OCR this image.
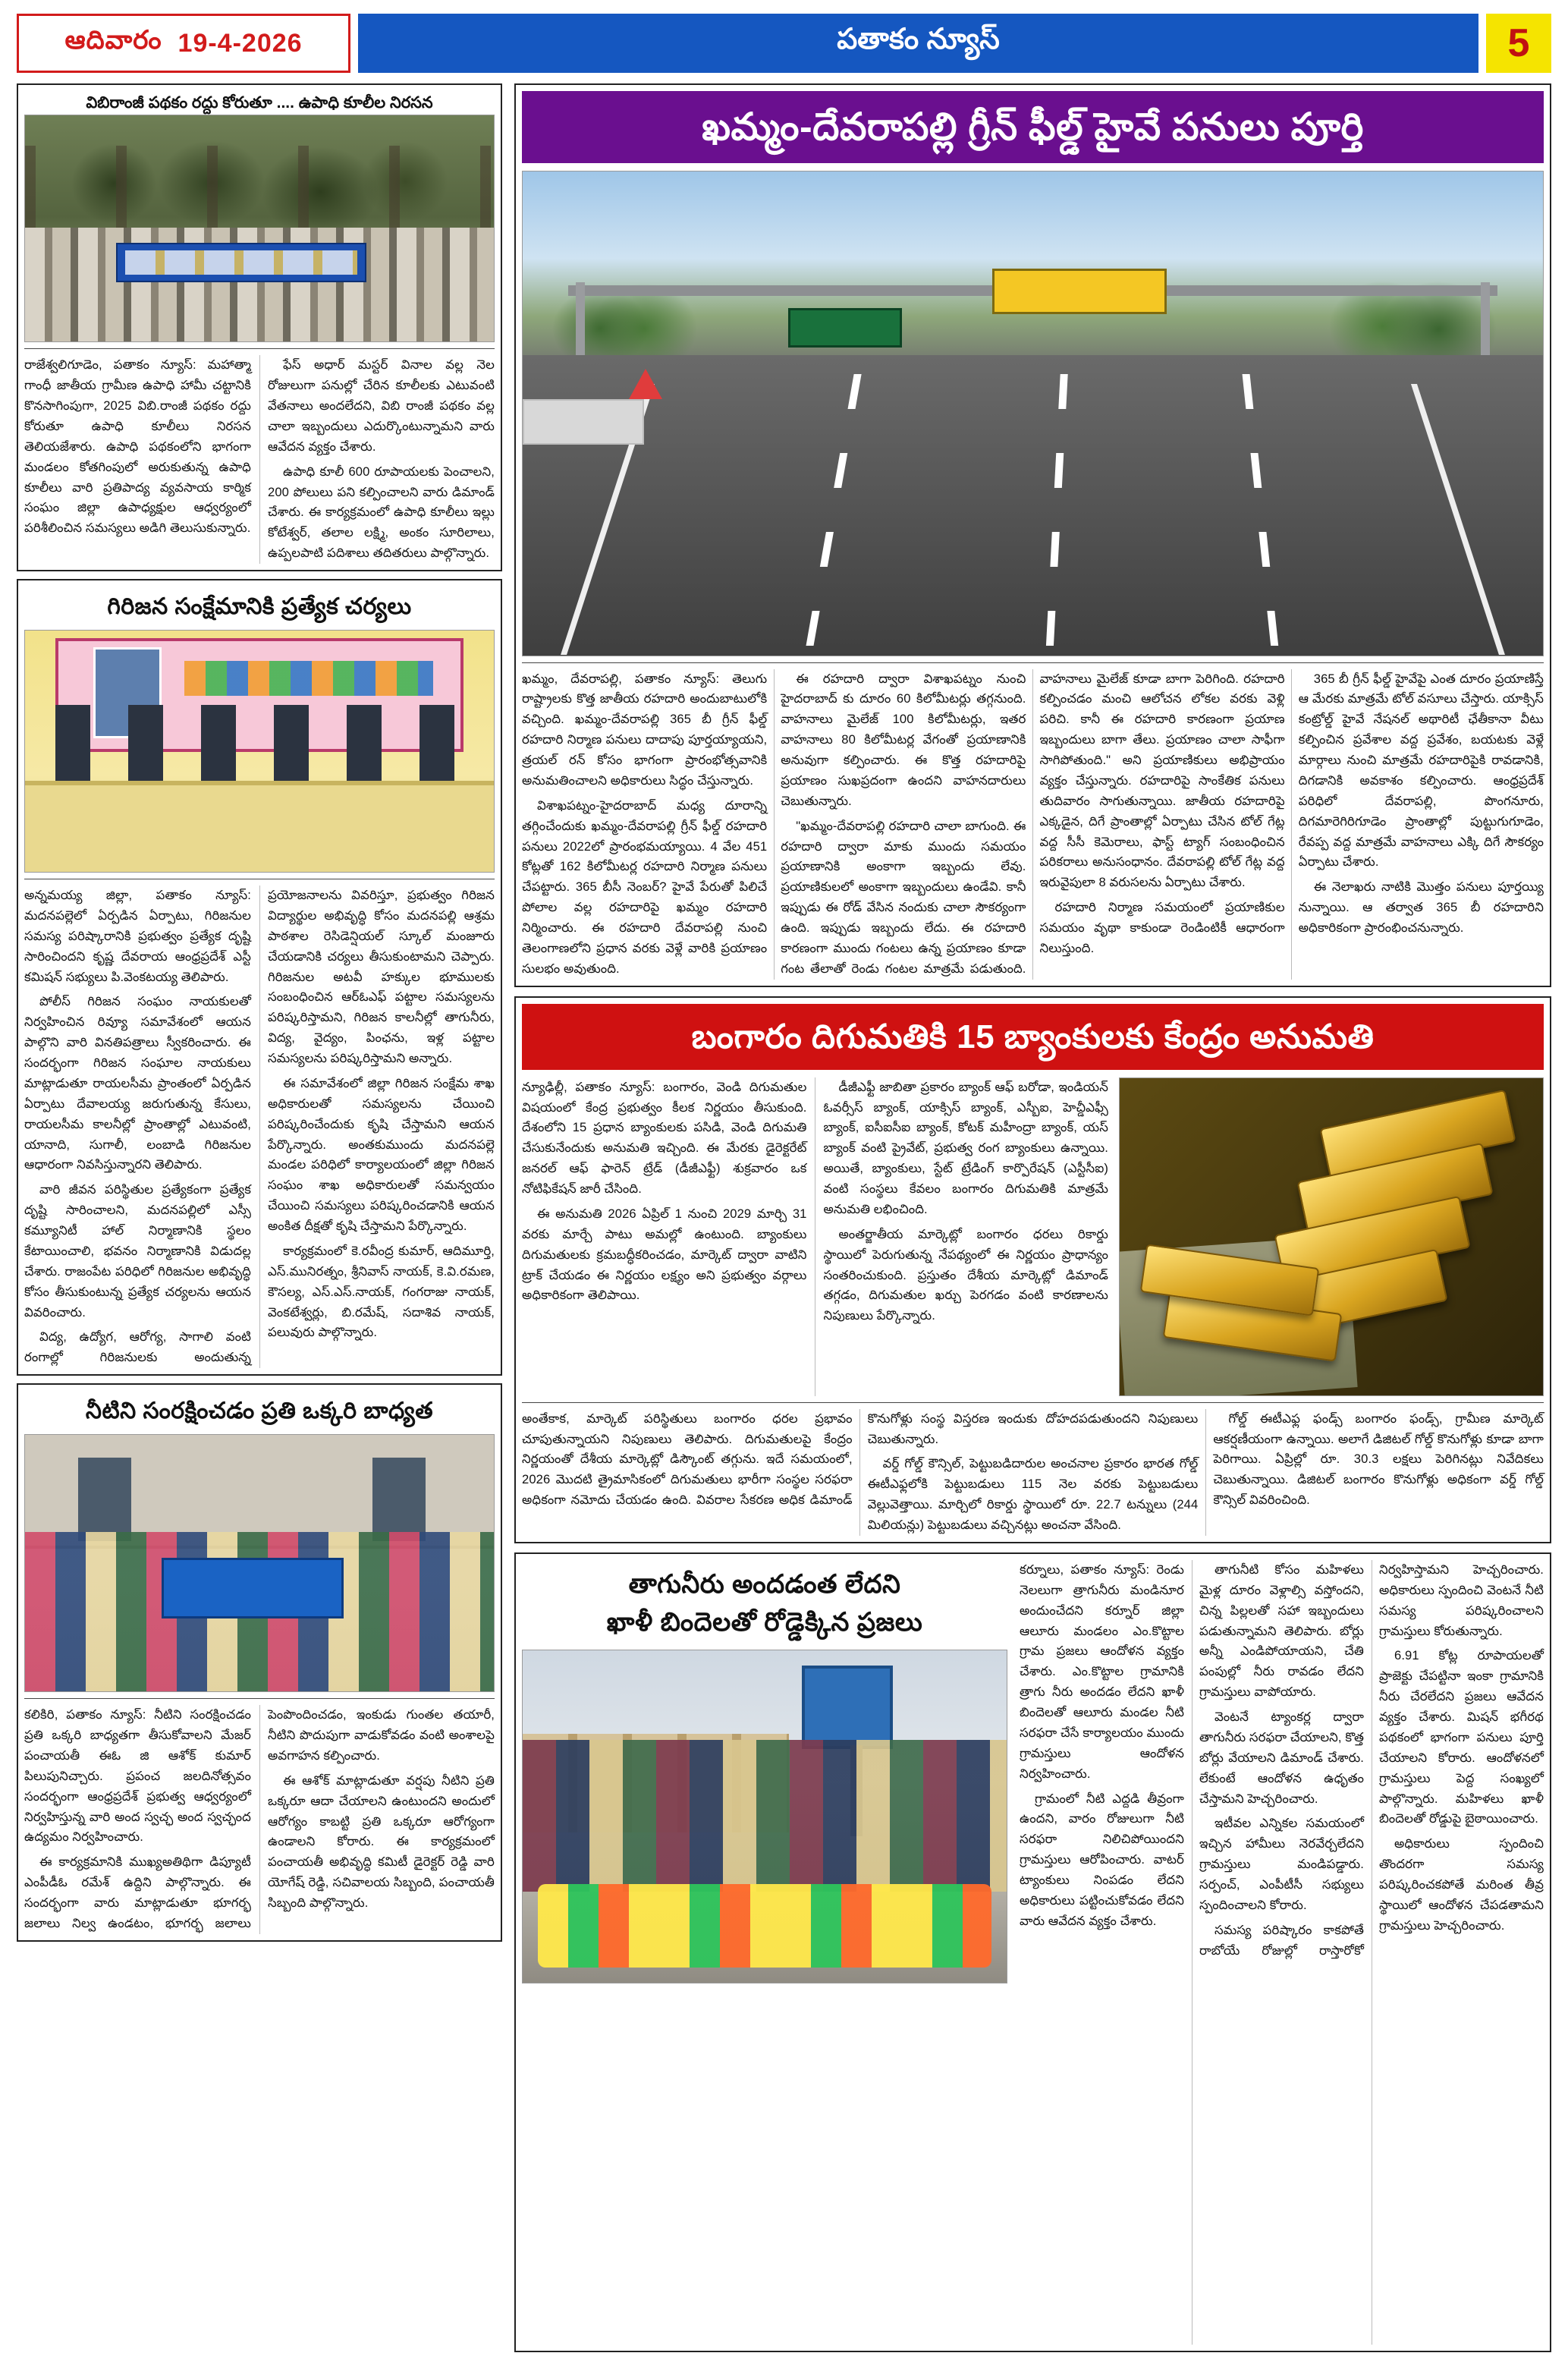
ఆదివారం
19-4-2026	పతాకం న్యూస్	5
విబిరాంజీ పథకం రద్దు కోరుతూ .... ఉపాధి కూలీల నిరసన

రాజేశ్వలిగూడెం, పతాకం న్యూస్: మహాత్మా గాంధీ జాతీయ గ్రామీణ ఉపాధి హామీ చట్టానికి కొనసాగింపుగా, 2025 విబి.రాంజీ పథకం రద్దు కోరుతూ ఉపాధి కూలీలు నిరసన తెలియజేశారు. ఉపాధి పథకంలోని భాగంగా మండలం కోతగింపులో అరుకుతున్న ఉపాధి కూలీలు వారి ప్రతిపాద్య వ్యవసాయ కార్మిక సంఘం జిల్లా ఉపాధ్యక్షుల ఆధ్వర్యంలో పరిశీలించిన సమస్యలు అడిగి తెలుసుకున్నారు.

ఫేస్ అధార్ మస్టర్ వినాల వల్ల నెల రోజులుగా పనుల్లో చేరిన కూలీలకు ఎటువంటి వేతనాలు అందలేదని, విబి రాంజీ పథకం వల్ల చాలా ఇబ్బందులు ఎదుర్కొంటున్నామని వారు ఆవేదన వ్యక్తం చేశారు.

ఉపాధి కూలీ 600 రూపాయలకు పెంచాలని, 200 పోలులు పని కల్పించాలని వారు డిమాండ్ చేశారు. ఈ కార్యక్రమంలో ఉపాధి కూలీలు ఇల్లు కోటేశ్వర్, తలాల లక్ష్మి, అంకం సూరిలాలు, ఉప్పలపాటి పదిశాలు తదితరులు పాల్గొన్నారు.

గిరిజన సంక్షేమానికి ప్రత్యేక చర్యలు

అన్నమయ్య జిల్లా, పతాకం న్యూస్: మదనపల్లెలో ఏర్పడిన ఏర్పాటు, గిరిజనుల సమస్య పరిష్కారానికి ప్రభుత్వం ప్రత్యేక దృష్టి సారించిందని కృష్ణ దేవరాయ ఆంధ్రప్రదేశ్ ఎస్టీ కమిషన్ సభ్యులు పి.వెంకటయ్య తెలిపారు.

పోలీస్ గిరిజన సంఘం నాయకులతో నిర్వహించిన రివ్యూ సమావేశంలో ఆయన పాల్గొని వారి వినతిపత్రాలు స్వీకరించారు. ఈ సందర్భంగా గిరిజన సంఘాల నాయకులు మాట్లాడుతూ రాయలసీమ ప్రాంతంలో ఏర్పడిన ఏర్పాటు దేవాలయ్య జరుగుతున్న కేసులు, రాయలసీమ కాలనీల్లో ప్రాంతాల్లో ఎటువంటి, యానాది, సుగాలీ, లంబాడి గిరిజనుల ఆధారంగా నివసిస్తున్నారని తెలిపారు.

వారి జీవన పరిస్థితుల ప్రత్యేకంగా ప్రత్యేక దృష్టి సారించాలని, మదనపల్లిలో ఎస్సీ కమ్యూనిటీ హాల్ నిర్మాణానికి స్థలం కేటాయించాలి, భవనం నిర్మాణానికి విడుదల్ల చేశారు. రాజంపేట పరిధిలో గిరిజనుల అభివృద్ధి కోసం తీసుకుంటున్న ప్రత్యేక చర్యలను ఆయన వివరించారు.

విద్య, ఉద్యోగ, ఆరోగ్య, సాగాలి వంటి రంగాల్లో గిరిజనులకు అందుతున్న ప్రయోజనాలను వివరిస్తూ, ప్రభుత్వం గిరిజన విద్యార్థుల అభివృద్ధి కోసం మదనపల్లి ఆశ్రమ పాఠశాల రెసిడెన్షియల్ స్కూల్ మంజూరు చేయడానికి చర్యలు తీసుకుంటామని చెప్పారు. గిరిజనుల అటవీ హక్కుల భూములకు సంబంధించిన ఆర్ఓఎఫ్ పట్టాల సమస్యలను పరిష్కరిస్తామని, గిరిజన కాలనీల్లో తాగునీరు, విద్య, వైద్యం, పింఛను, ఇళ్ల పట్టాల సమస్యలను పరిష్కరిస్తామని అన్నారు.

ఈ సమావేశంలో జిల్లా గిరిజన సంక్షేమ శాఖ అధికారులతో సమస్యలను చేయించి పరిష్కరించేందుకు కృషి చేస్తామని ఆయన పేర్కొన్నారు. అంతకుముందు మదనపల్లె మండల పరిధిలో కార్యాలయంలో జిల్లా గిరిజన సంఘం శాఖ అధికారులతో సమన్వయం చేయించి సమస్యలు పరిష్కరించడానికి ఆయన అంకిత దీక్షతో కృషి చేస్తామని పేర్కొన్నారు.

కార్యక్రమంలో కె.రవీంద్ర కుమార్, ఆదిమూర్తి, ఎస్.మునిరత్నం, శ్రీనివాస్ నాయక్, కె.వి.రమణ, కౌసల్య, ఎస్.ఎస్.నాయక్, గంగరాజు నాయక్, వెంకటేశ్వర్లు, బి.రమేష్, సదాశివ నాయక్, పలువురు పాల్గొన్నారు.

నీటిని సంరక్షించడం ప్రతి ఒక్కరి బాధ్యత

కలికిరి, పతాకం న్యూస్: నీటిని సంరక్షించడం ప్రతి ఒక్కరి బాధ్యతగా తీసుకోవాలని మేజర్ పంచాయతీ ఈఓ జి ఆశోక్ కుమార్ పిలుపునిచ్చారు. ప్రపంచ జలదినోత్సవం సందర్భంగా ఆంధ్రప్రదేశ్ ప్రభుత్వ ఆధ్వర్యంలో నిర్వహిస్తున్న వారి అంద స్వచ్ఛ అంద స్వచ్ఛంద ఉద్యమం నిర్వహించారు.

ఈ కార్యక్రమానికి ముఖ్యఅతిథిగా డిప్యూటీ ఎంపీడీఓ రమేశ్ ఉద్దిని పాల్గొన్నారు. ఈ సందర్భంగా వారు మాట్లాడుతూ భూగర్భ జలాలు నిల్వ ఉండటం, భూగర్భ జలాలు పెంపొందించడం, ఇంకుడు గుంతల తయారీ, నీటిని పొదుపుగా వాడుకోవడం వంటి అంశాలపై అవగాహన కల్పించారు.

ఈ ఆశోక్ మాట్లాడుతూ వర్షపు నీటిని ప్రతి ఒక్కరూ ఆదా చేయాలని ఉంటుందని అందులో ఆరోగ్యం కాబట్టి ప్రతి ఒక్కరూ ఆరోగ్యంగా ఉండాలని కోరారు. ఈ కార్యక్రమంలో పంచాయతీ అభివృద్ధి కమిటీ డైరెక్టర్ రెడ్డి వారి యోగేష్ రెడ్డి, సచివాలయ సిబ్బంది, పంచాయతీ సిబ్బంది పాల్గొన్నారు.

ఖమ్మం-దేవరాపల్లి గ్రీన్ ఫీల్డ్ హైవే పనులు పూర్తి

ఖమ్మం, దేవరాపల్లి, పతాకం న్యూస్: తెలుగు రాష్ట్రాలకు కొత్త జాతీయ రహదారి అందుబాటులోకి వచ్చింది. ఖమ్మం-దేవరాపల్లి 365 బీ గ్రీన్ ఫీల్డ్ రహదారి నిర్మాణ పనులు దాదాపు పూర్తయ్యాయని, త్రయల్ రన్ కోసం భాగంగా ప్రారంభోత్సవానికి అనుమతించాలని అధికారులు సిద్ధం చేస్తున్నారు.

విశాఖపట్నం-హైదరాబాద్ మధ్య దూరాన్ని తగ్గించేందుకు ఖమ్మం-దేవరాపల్లి గ్రీన్ ఫీల్డ్ రహదారి పనులు 2022లో ప్రారంభమయ్యాయి. 4 వేల 451 కోట్లతో 162 కిలోమీటర్ల రహదారి నిర్మాణ పనులు చేపట్టారు. 365 బీసీ నెంబర్? హైవే పేరుతో పిలిచే పోలాల వల్ల రహదారిపై ఖమ్మం రహదారి నిర్మించారు. ఈ రహదారి దేవరాపల్లి నుంచి తెలంగాణలోని ప్రధాన వరకు వెళ్లే వారికి ప్రయాణం సులభం అవుతుంది.

ఈ రహదారి ద్వారా విశాఖపట్నం నుంచి హైదరాబాద్ కు దూరం 60 కిలోమీటర్లు తగ్గనుంది. వాహనాలు మైలేజ్ 100 కిలోమీటర్లు, ఇతర వాహనాలు 80 కిలోమీటర్ల వేగంతో ప్రయాణానికి అనువుగా కల్పించారు. ఈ కొత్త రహదారిపై ప్రయాణం సుఖప్రదంగా ఉందని వాహనదారులు చెబుతున్నారు.

"ఖమ్మం-దేవరాపల్లి రహదారి చాలా బాగుంది. ఈ రహదారి ద్వారా మాకు ముందు సమయం ప్రయాణానికి అంకాగా ఇబ్బందు లేవు. ప్రయాణికులలో అంకాగా ఇబ్బందులు ఉండేవి. కానీ ఇప్పుడు ఈ రోడ్ వేసిన నందుకు చాలా సౌకర్యంగా ఉంది. ఇప్పుడు ఇబ్బందు లేదు. ఈ రహదారి కారణంగా ముందు గంటలు ఉన్న ప్రయాణం కూడా గంట తేలాతో రెండు గంటల మాత్రమే పడుతుంది. వాహనాలు మైలేజ్ కూడా బాగా పెరిగింది. రహదారి కల్పించడం మంచి ఆలోచన లోకల వరకు వెళ్లి పరిచి. కానీ ఈ రహదారి కారణంగా ప్రయాణ ఇబ్బందులు బాగా తేలు. ప్రయాణం చాలా సాఫీగా సాగిపోతుంది." అని ప్రయాణికులు అభిప్రాయం వ్యక్తం చేస్తున్నారు. రహదారిపై సాంకేతిక పనులు తుదివారం సాగుతున్నాయి. జాతీయ రహదారిపై ఎక్కడైన, దిగే ప్రాంతాల్లో ఏర్పాటు చేసిన టోల్ గేట్ల వద్ద సీసీ కెమెరాలు, ఫాస్ట్ ట్యాగ్ సంబంధించిన పరికరాలు అనుసంధానం. దేవరాపల్లి టోల్ గేట్ల వద్ద ఇరువైపులా 8 వరుసలను ఏర్పాటు చేశారు.

రహదారి నిర్మాణ సమయంలో ప్రయాణికుల సమయం వృథా కాకుండా రెండింటికీ ఆధారంగా నిలుస్తుంది.

365 బీ గ్రీన్ ఫీల్డ్ హైవేపై ఎంత దూరం ప్రయాణిస్తే ఆ మేరకు మాత్రమే టోల్ వసూలు చేస్తారు. యాక్సిస్ కంట్రోల్డ్ హైవే నేషనల్ అథారిటీ ఛేతీకానా వీటు కల్పించిన ప్రవేశాల వద్ద ప్రవేశం, బయటకు వెళ్లే మార్గాలు నుంచి మాత్రమే రహదారిపైకి రావడానికి, దిగడానికి అవకాశం కల్పించారు. ఆంధ్రప్రదేశ్ పరిధిలో దేవరాపల్లి, పొంగనూరు, దిగమారెగిరిగూడెం ప్రాంతాల్లో పుట్టుగుగూడెం, రేవప్ప వద్ద మాత్రమే వాహనాలు ఎక్కి దిగే సౌకర్యం ఏర్పాటు చేశారు.

ఈ నెలాఖరు నాటికి మొత్తం పనులు పూర్తయ్యి నున్నాయి. ఆ తర్వాత 365 బీ రహదారిని అధికారికంగా ప్రారంభించనున్నారు.

బంగారం దిగుమతికి 15 బ్యాంకులకు కేంద్రం అనుమతి

న్యూఢిల్లీ, పతాకం న్యూస్: బంగారం, వెండి దిగుమతుల విషయంలో కేంద్ర ప్రభుత్వం కీలక నిర్ణయం తీసుకుంది. దేశంలోని 15 ప్రధాన బ్యాంకులకు పసిడి, వెండి దిగుమతి చేసుకునేందుకు అనుమతి ఇచ్చింది. ఈ మేరకు డైరెక్టరేట్ జనరల్ ఆఫ్ ఫారెన్ ట్రేడ్ (డీజీఎఫ్టీ) శుక్రవారం ఒక నోటిఫికేషన్ జారీ చేసింది.

ఈ అనుమతి 2026 ఏప్రిల్ 1 నుంచి 2029 మార్చి 31 వరకు మార్చే పాటు అమల్లో ఉంటుంది. బ్యాంకులు దిగుమతులకు క్రమబద్ధీకరించడం, మార్కెట్ ద్వారా వాటిని ట్రాక్ చేయడం ఈ నిర్ణయం లక్ష్యం అని ప్రభుత్వం వర్గాలు అధికారికంగా తెలిపాయి.

డీజీఎఫ్టీ జాబితా ప్రకారం బ్యాంక్ ఆఫ్ బరోడా, ఇండియన్ ఓవర్సీస్ బ్యాంక్, యాక్సిస్ బ్యాంక్, ఎస్బీఐ, హెచ్డీఎఫ్సీ బ్యాంక్, ఐసీఐసీఐ బ్యాంక్, కోటక్ మహీంద్రా బ్యాంక్, యస్ బ్యాంక్ వంటి ప్రైవేట్, ప్రభుత్వ రంగ బ్యాంకులు ఉన్నాయి. అయితే, బ్యాంకులు, స్టేట్ ట్రేడింగ్ కార్పొరేషన్ (ఎస్టీసీఐ) వంటి సంస్థలు కేవలం బంగారం దిగుమతికి మాత్రమే అనుమతి లభించింది.

అంతర్జాతీయ మార్కెట్లో బంగారం ధరలు రికార్డు స్థాయిలో పెరుగుతున్న నేపథ్యంలో ఈ నిర్ణయం ప్రాధాన్యం సంతరించుకుంది. ప్రస్తుతం దేశీయ మార్కెట్లో డిమాండ్ తగ్గడం, దిగుమతుల ఖర్చు పెరగడం వంటి కారణాలను నిపుణులు పేర్కొన్నారు.

అంతేకాక, మార్కెట్ పరిస్థితులు బంగారం ధరల ప్రభావం చూపుతున్నాయని నిపుణులు తెలిపారు. దిగుమతులపై కేంద్రం నిర్ణయంతో దేశీయ మార్కెట్లో డిస్కౌంట్ తగ్గును. ఇదే సమయంలో, 2026 మొదటి త్రైమాసికంలో దిగుమతులు భారీగా సంస్థల సరఫరా అధికంగా నమోదు చేయడం ఉంది. వివరాల సేకరణ అధిక డిమాండ్ కొనుగోళ్లు సంస్థ విస్తరణ ఇందుకు దోహదపడుతుందని నిపుణులు చెబుతున్నారు.

వర్డ్ గోల్డ్ కౌన్సిల్, పెట్టుబడిదారుల అంచనాల ప్రకారం భారత గోల్డ్ ఈటీఎఫ్లలోకి పెట్టుబడులు 115 నెల వరకు పెట్టుబడులు వెల్లువెత్తాయి. మార్చిలో రికార్డు స్థాయిలో రూ. 22.7 టన్నులు (244 మిలియన్లు) పెట్టుబడులు వచ్చినట్లు అంచనా వేసింది.

గోల్డ్ ఈటీఎఫ్ల ఫండ్స్ బంగారం ఫండ్స్, గ్రామీణ మార్కెట్ ఆకర్షణీయంగా ఉన్నాయి. అలాగే డిజిటల్ గోల్డ్ కొనుగోళ్లు కూడా బాగా పెరిగాయి. ఏప్రిల్లో రూ. 30.3 లక్షలు పెరిగినట్లు నివేదికలు చెబుతున్నాయి. డిజిటల్ బంగారం కొనుగోళ్లు అధికంగా వర్డ్ గోల్డ్ కౌన్సిల్ వివరించింది.

తాగునీరు అందడంత లేదని
ఖాళీ బిందెలతో రోడ్డెక్కిన ప్రజలు

కర్నూలు, పతాకం న్యూస్: రెండు నెలలుగా త్రాగునీరు మండినూర అందుంచేదని కర్నూర్ జిల్లా ఆలూరు మండలం ఎం.కొట్టాల గ్రామ ప్రజలు ఆందోళన వ్యక్తం చేశారు. ఎం.కొట్టాల గ్రామానికి త్రాగు నీరు అందడం లేదని ఖాళీ బిందెలతో ఆలూరు మండల నీటి సరఫరా చేసే కార్యాలయం ముందు గ్రామస్తులు ఆందోళన నిర్వహించారు.

గ్రామంలో నీటి ఎద్దడి తీవ్రంగా ఉందని, వారం రోజులుగా నీటి సరఫరా నిలిచిపోయిందని గ్రామస్తులు ఆరోపించారు. వాటర్ ట్యాంకులు నింపడం లేదని అధికారులు పట్టించుకోవడం లేదని వారు ఆవేదన వ్యక్తం చేశారు.

తాగునీటి కోసం మహిళలు మైళ్ల దూరం వెళ్లాల్సి వస్తోందని, చిన్న పిల్లలతో సహా ఇబ్బందులు పడుతున్నామని తెలిపారు. బోర్లు అన్నీ ఎండిపోయాయని, చేతి పంపుల్లో నీరు రావడం లేదని గ్రామస్తులు వాపోయారు.

వెంటనే ట్యాంకర్ల ద్వారా తాగునీరు సరఫరా చేయాలని, కొత్త బోర్లు వేయాలని డిమాండ్ చేశారు. లేకుంటే ఆందోళన ఉధృతం చేస్తామని హెచ్చరించారు.

ఇటీవల ఎన్నికల సమయంలో ఇచ్చిన హామీలు నెరవేర్చలేదని గ్రామస్తులు మండిపడ్డారు. సర్పంచ్, ఎంపీటీసీ సభ్యులు స్పందించాలని కోరారు.

సమస్య పరిష్కారం కాకపోతే రాబోయే రోజుల్లో రాస్తారోకో నిర్వహిస్తామని హెచ్చరించారు. అధికారులు స్పందించి వెంటనే నీటి సమస్య పరిష్కరించాలని గ్రామస్తులు కోరుతున్నారు.

6.91 కోట్ల రూపాయలతో ప్రాజెక్టు చేపట్టినా ఇంకా గ్రామానికి నీరు చేరలేదని ప్రజలు ఆవేదన వ్యక్తం చేశారు. మిషన్ భగీరథ పథకంలో భాగంగా పనులు పూర్తి చేయాలని కోరారు. ఆందోళనలో గ్రామస్తులు పెద్ద సంఖ్యలో పాల్గొన్నారు. మహిళలు ఖాళీ బిందెలతో రోడ్డుపై బైఠాయించారు.

అధికారులు స్పందించి తొందరగా సమస్య పరిష్కరించకపోతే మరింత తీవ్ర స్థాయిలో ఆందోళన చేపడతామని గ్రామస్తులు హెచ్చరించారు.
